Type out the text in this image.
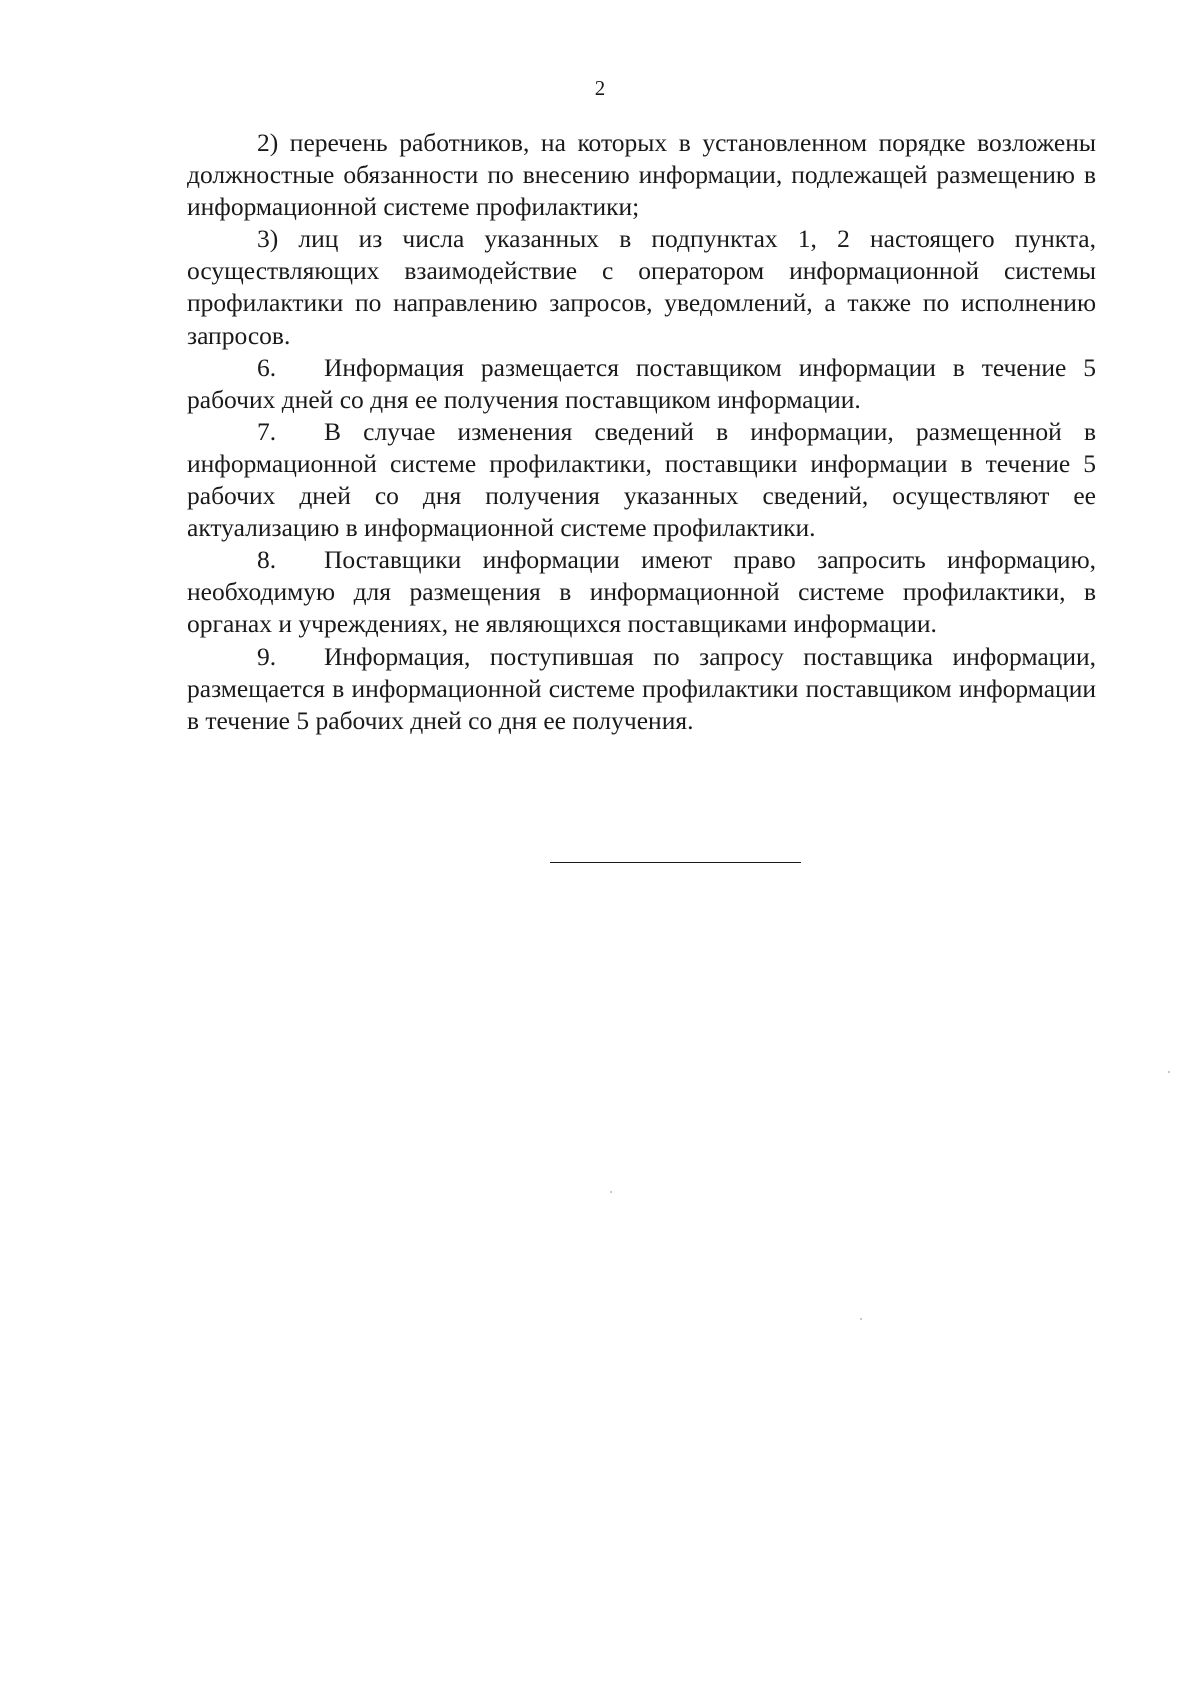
2

2) перечень работников, на которых в установленном порядке возложены должностные обязанности по внесению информации, подлежащей размещению в информационной системе профилактики;

3) лиц из числа указанных в подпунктах 1, 2 настоящего пункта, осуществляющих взаимодействие с оператором информационной системы профилактики по направлению запросов, уведомлений, а также по исполнению запросов.

6. Информация размещается поставщиком информации в течение 5 рабочих дней со дня ее получения поставщиком информации.

7. В случае изменения сведений в информации, размещенной в информационной системе профилактики, поставщики информации в течение 5 рабочих дней со дня получения указанных сведений, осуществляют ее актуализацию в информационной системе профилактики.

8. Поставщики информации имеют право запросить информацию, необходимую для размещения в информационной системе профилактики, в органах и учреждениях, не являющихся поставщиками информации.

9. Информация, поступившая по запросу поставщика информации, размещается в информационной системе профилактики поставщиком информации в течение 5 рабочих дней со дня ее получения.
